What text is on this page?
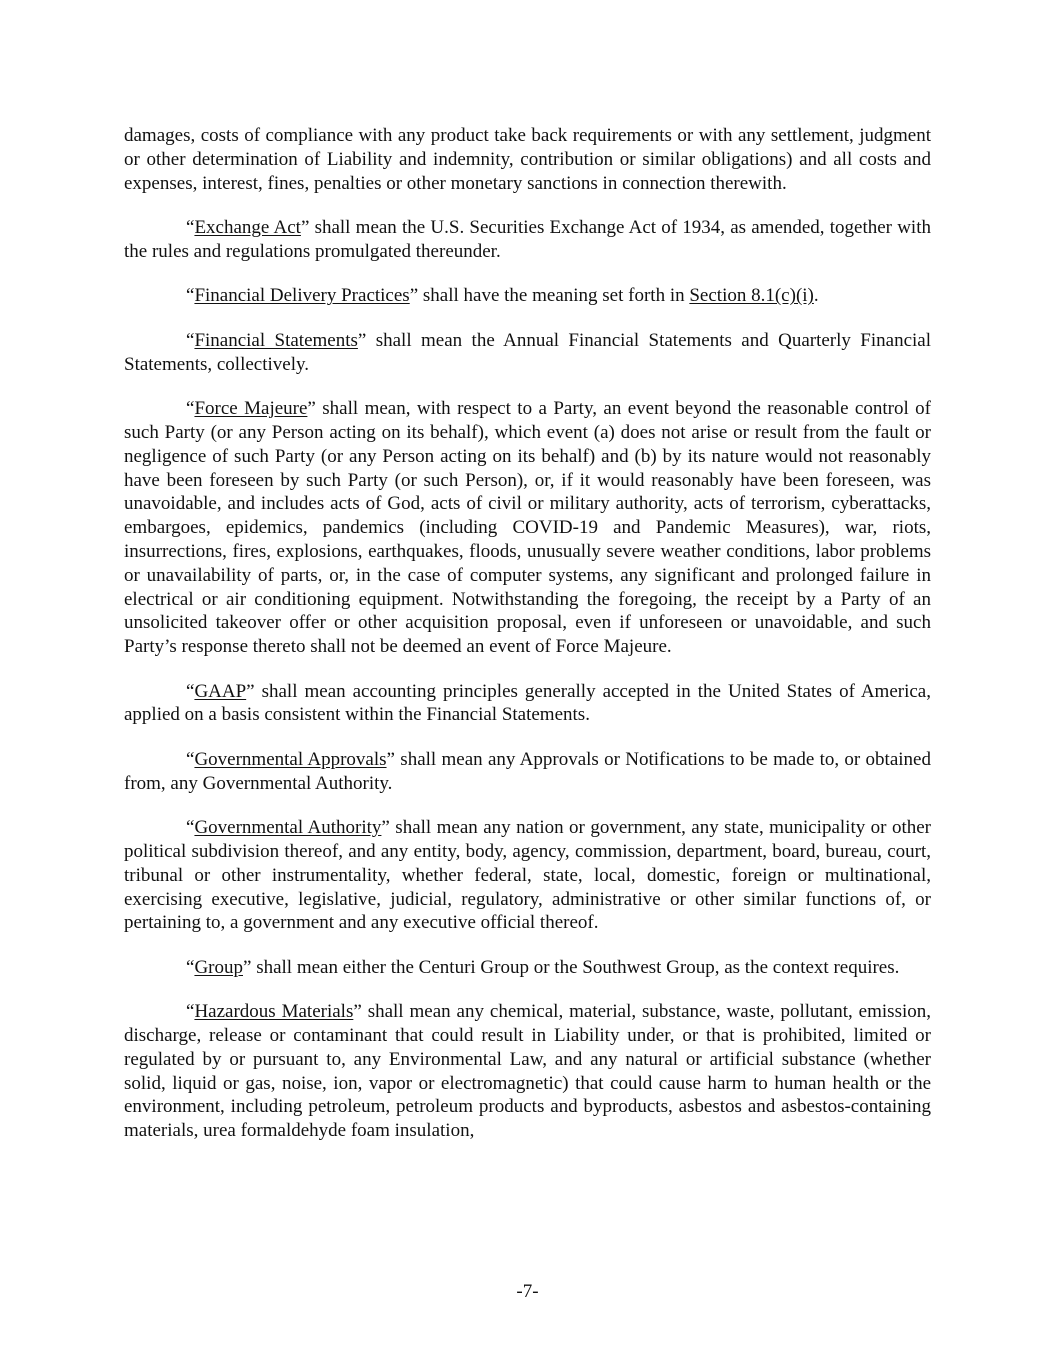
damages, costs of compliance with any product take back requirements or with any settlement, judgment or other determination of Liability and indemnity, contribution or similar obligations) and all costs and expenses, interest, fines, penalties or other monetary sanctions in connection therewith.

“Exchange Act” shall mean the U.S. Securities Exchange Act of 1934, as amended, together with the rules and regulations promulgated thereunder.

“Financial Delivery Practices” shall have the meaning set forth in Section 8.1(c)(i).

“Financial Statements” shall mean the Annual Financial Statements and Quarterly Financial Statements, collectively.

“Force Majeure” shall mean, with respect to a Party, an event beyond the reasonable control of such Party (or any Person acting on its behalf), which event (a) does not arise or result from the fault or negligence of such Party (or any Person acting on its behalf) and (b) by its nature would not reasonably have been foreseen by such Party (or such Person), or, if it would reasonably have been foreseen, was unavoidable, and includes acts of God, acts of civil or military authority, acts of terrorism, cyberattacks, embargoes, epidemics, pandemics (including COVID-19 and Pandemic Measures), war, riots, insurrections, fires, explosions, earthquakes, floods, unusually severe weather conditions, labor problems or unavailability of parts, or, in the case of computer systems, any significant and prolonged failure in electrical or air conditioning equipment. Notwithstanding the foregoing, the receipt by a Party of an unsolicited takeover offer or other acquisition proposal, even if unforeseen or unavoidable, and such Party’s response thereto shall not be deemed an event of Force Majeure.

“GAAP” shall mean accounting principles generally accepted in the United States of America, applied on a basis consistent within the Financial Statements.

“Governmental Approvals” shall mean any Approvals or Notifications to be made to, or obtained from, any Governmental Authority.

“Governmental Authority” shall mean any nation or government, any state, municipality or other political subdivision thereof, and any entity, body, agency, commission, department, board, bureau, court, tribunal or other instrumentality, whether federal, state, local, domestic, foreign or multinational, exercising executive, legislative, judicial, regulatory, administrative or other similar functions of, or pertaining to, a government and any executive official thereof.

“Group” shall mean either the Centuri Group or the Southwest Group, as the context requires.

“Hazardous Materials” shall mean any chemical, material, substance, waste, pollutant, emission, discharge, release or contaminant that could result in Liability under, or that is prohibited, limited or regulated by or pursuant to, any Environmental Law, and any natural or artificial substance (whether solid, liquid or gas, noise, ion, vapor or electromagnetic) that could cause harm to human health or the environment, including petroleum, petroleum products and byproducts, asbestos and asbestos-containing materials, urea formaldehyde foam insulation,

-7-
